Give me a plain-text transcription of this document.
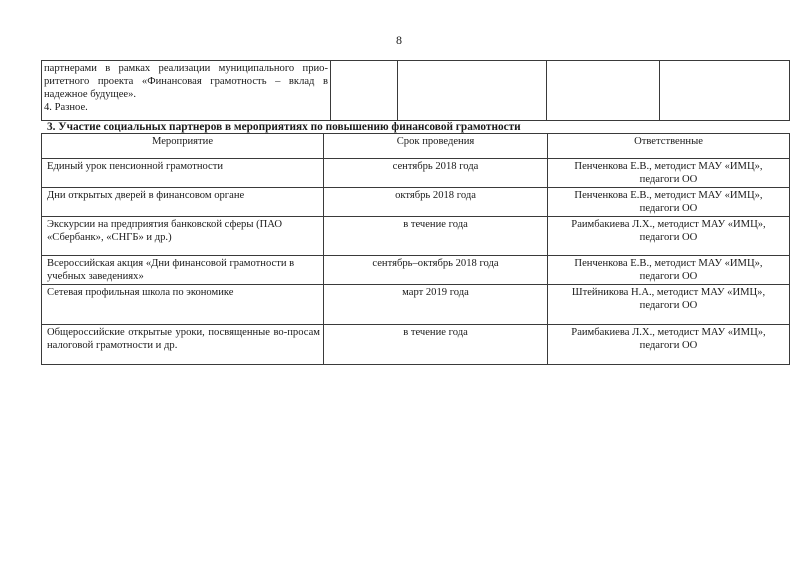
8
партнерами в рамках реализации муниципального прио-
ритетного проекта «Финансовая грамотность – вклад в
надежное будущее».
4. Разное.

3. Участие социальных партнеров в мероприятиях по повышению финансовой грамотности
Мероприятие	Срок проведения	Ответственные
Единый урок пенсионной грамотности	сентябрь 2018 года	Пенченкова Е.В., методист МАУ «ИМЦ»,
педагоги ОО

Дни открытых дверей в финансовом органе	октябрь 2018 года	Пенченкова Е.В., методист МАУ «ИМЦ»,
педагоги ОО

Экскурсии на предприятия банковской сферы (ПАО «Сбербанк», «СНГБ» и др.)	в течение года	Раимбакиева Л.Х., методист МАУ «ИМЦ»,
педагоги ОО

Всероссийская акция «Дни финансовой грамотности в учебных заведениях»	сентябрь–октябрь 2018 года	Пенченкова Е.В., методист МАУ «ИМЦ»,
педагоги ОО

Сетевая профильная школа по экономике	март 2019 года	Штейникова Н.А., методист МАУ «ИМЦ»,
педагоги ОО

Общероссийские открытые уроки, посвященные во-просам налоговой грамотности и др.	в течение года	Раимбакиева Л.Х., методист МАУ «ИМЦ»,
педагоги ОО
